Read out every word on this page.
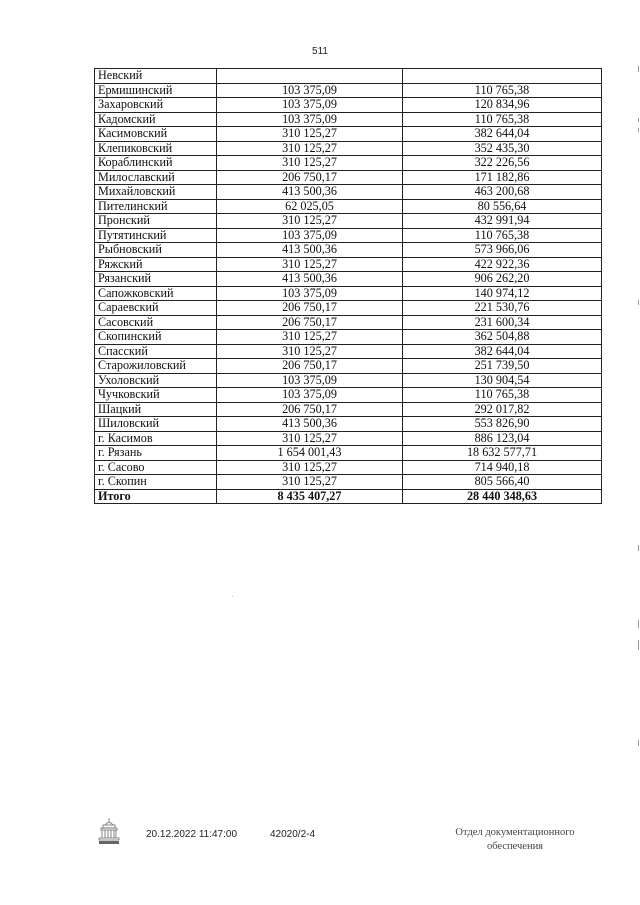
511
Невский		
Ермишинский	103 375,09	110 765,38
Захаровский	103 375,09	120 834,96
Кадомский	103 375,09	110 765,38
Касимовский	310 125,27	382 644,04
Клепиковский	310 125,27	352 435,30
Кораблинский	310 125,27	322 226,56
Милославский	206 750,17	171 182,86
Михайловский	413 500,36	463 200,68
Пителинский	62 025,05	80 556,64
Пронский	310 125,27	432 991,94
Путятинский	103 375,09	110 765,38
Рыбновский	413 500,36	573 966,06
Ряжский	310 125,27	422 922,36
Рязанский	413 500,36	906 262,20
Сапожковский	103 375,09	140 974,12
Сараевский	206 750,17	221 530,76
Сасовский	206 750,17	231 600,34
Скопинский	310 125,27	362 504,88
Спасский	310 125,27	382 644,04
Старожиловский	206 750,17	251 739,50
Ухоловский	103 375,09	130 904,54
Чучковский	103 375,09	110 765,38
Шацкий	206 750,17	292 017,82
Шиловский	413 500,36	553 826,90
г. Касимов	310 125,27	886 123,04
г. Рязань	1 654 001,43	18 632 577,71
г. Сасово	310 125,27	714 940,18
г. Скопин	310 125,27	805 566,40
Итого	8 435 407,27	28 440 348,63
20.12.2022 11:47:00	42020/2-4	Отдел документационного
обеспечения
